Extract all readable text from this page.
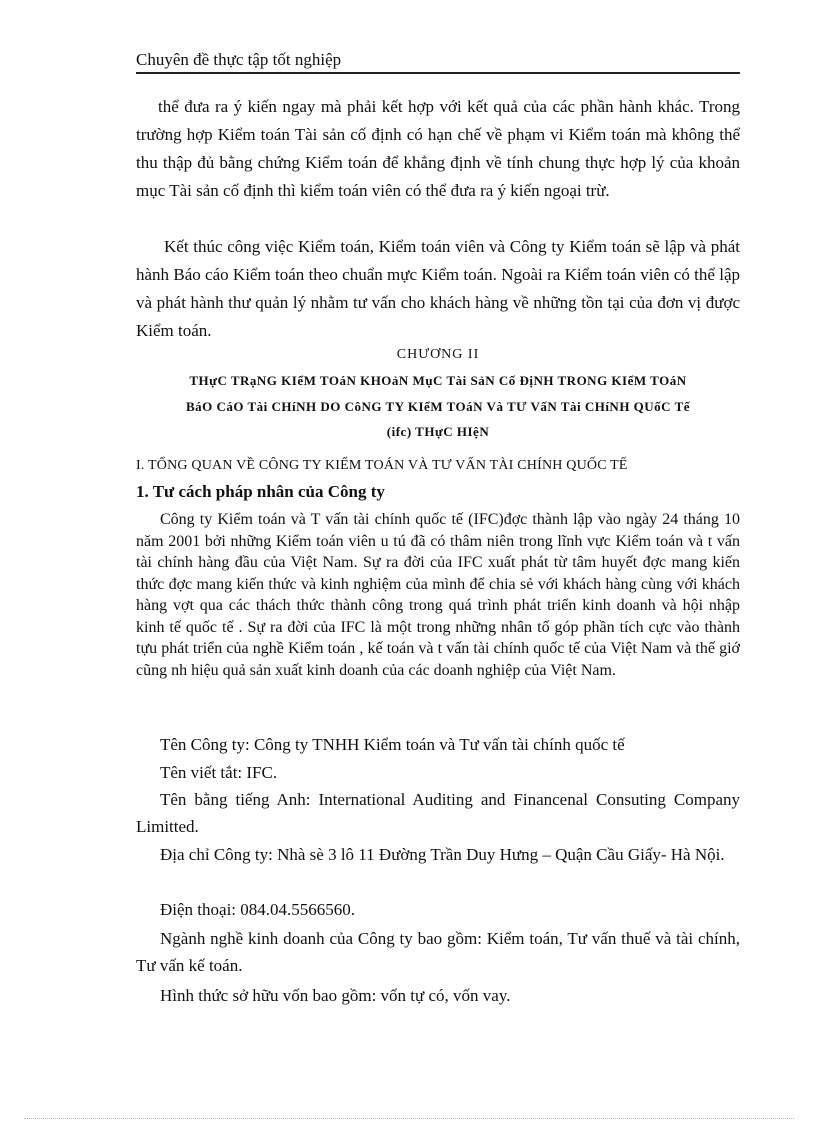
Chuyên đề thực tập tốt nghiệp

thể đưa ra ý kiến ngay mà phải kết hợp với kết quả của các phần hành khác. Trong trường hợp Kiểm toán Tài sản cố định có hạn chế về phạm vi Kiểm toán mà không thể thu thập đủ bằng chứng Kiểm toán để khẳng định về tính chung thực hợp lý của khoản mục Tài sản cố định thì kiểm toán viên có thể đưa ra ý kiến ngoại trừ.

Kết thúc công việc Kiểm toán, Kiểm toán viên và Công ty Kiểm toán sẽ lập và phát hành Báo cáo Kiểm toán theo chuẩn mực Kiểm toán. Ngoài ra Kiểm toán viên có thể lập và phát hành thư quản lý nhằm tư vấn cho khách hàng về những tồn tại của đơn vị được Kiểm toán.

CHƯƠNG II

THựC TRạNG KIểM TOáN KHOảN MụC Tài SảN Cố ĐịNH TRONG KIểM TOáN

BáO CáO Tài CHíNH DO CôNG TY KIểM TOáN Và TƯ VấN Tài CHíNH QUốC Tế

(ifc) THựC HIệN

I. TỔNG QUAN VỀ CÔNG TY KIỂM TOÁN VÀ TƯ VẤN TÀI CHÍNH QUỐC TẾ

1. Tư cách pháp nhân của Công ty

Công ty Kiểm toán và T vấn tài chính quốc tế (IFC)đợc thành lập vào ngày 24 tháng 10 năm 2001 bởi những Kiểm toán viên u tú đã có thâm niên trong lĩnh vực Kiểm toán và t vấn tài chính hàng đầu của Việt Nam. Sự ra đời của IFC xuất phát từ tâm huyết đợc mang kiến thức đợc mang kiến thức và kinh nghiệm của mình để chia sẻ với khách hàng cùng với khách hàng vợt qua các thách thức thành công trong quá trình phát triển kinh doanh và hội nhập kinh tế quốc tế . Sự ra đời của IFC là một trong những nhân tố góp phần tích cực vào thành tựu phát triển của nghề Kiểm toán , kế toán và t vấn tài chính quốc tế của Việt Nam và thế giớ cũng nh hiệu quả sản xuất kinh doanh của các doanh nghiệp của Việt Nam.

Tên Công ty: Công ty TNHH Kiểm toán và Tư vấn tài chính quốc tế

Tên viết tắt: IFC.

Tên bằng tiếng Anh: International Auditing and Financenal Consuting Company Limitted.

Địa chỉ Công ty: Nhà sè 3 lô 11 Đường Trần Duy Hưng – Quận Cầu Giấy- Hà Nội.

Điện thoại: 084.04.5566560.

Ngành nghề kinh doanh của Công ty bao gồm: Kiểm toán, Tư vấn thuế và tài chính, Tư vấn kế toán.

Hình thức sở hữu vốn bao gồm: vốn tự có, vốn vay.
